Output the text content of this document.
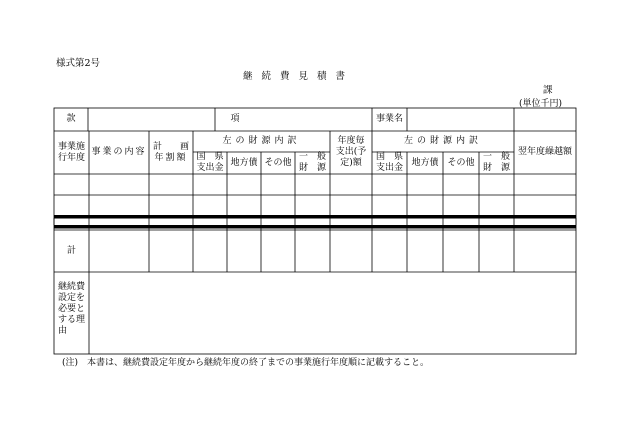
様式第2号
継続費見積書
課
(単位千円)
款	項	事業名
事業施
行年度
事業の内容
計　　画
年割額
左の財源内訳
国　県
支出金
地方債 その他
一　般
財　源
年度毎
支出(予
定)額
左の財源内訳
国　県
支出金
地方債 その他
一　般
財　源
翌年度繰越額
計
継続費
設定を
必要と
する理
由
(注)　本書は、継続費設定年度から継続年度の終了までの事業施行年度順に記載すること。
